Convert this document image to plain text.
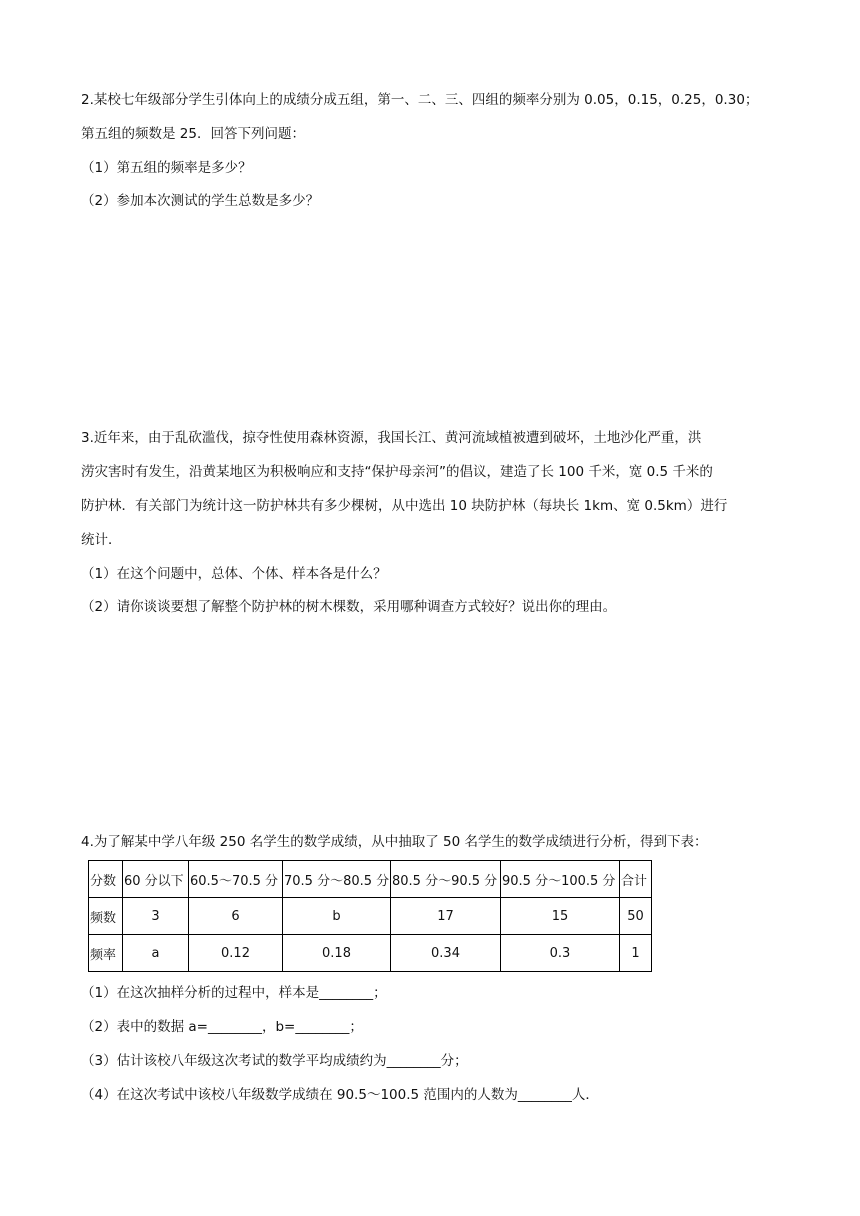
2.某校七年级部分学生引体向上的成绩分成五组，第一、二、三、四组的频率分别为 0.05，0.15，0.25，0.30；
第五组的频数是 25．回答下列问题：
（1）第五组的频率是多少？
（2）参加本次测试的学生总数是多少？
3.近年来，由于乱砍滥伐，掠夺性使用森林资源，我国长江、黄河流域植被遭到破坏，土地沙化严重，洪
涝灾害时有发生，沿黄某地区为积极响应和支持“保护母亲河”的倡议，建造了长 100 千米，宽 0.5 千米的
防护林．有关部门为统计这一防护林共有多少棵树，从中选出 10 块防护林（每块长 1km、宽 0.5km）进行
统计．
（1）在这个问题中，总体、个体、样本各是什么？
（2）请你谈谈要想了解整个防护林的树木棵数，采用哪种调查方式较好？说出你的理由。
4.为了解某中学八年级 250 名学生的数学成绩，从中抽取了 50 名学生的数学成绩进行分析，得到下表：
分数	60 分以下	60.5～70.5 分	70.5 分～80.5 分	80.5 分～90.5 分	90.5 分～100.5 分	合计
频数	3	6	b	17	15	50
频率	a	0.12	0.18	0.34	0.3	1
（1）在这次抽样分析的过程中，样本是________；
（2）表中的数据 a=________，b=________；
（3）估计该校八年级这次考试的数学平均成绩约为________分；
（4）在这次考试中该校八年级数学成绩在 90.5～100.5 范围内的人数为________人．
